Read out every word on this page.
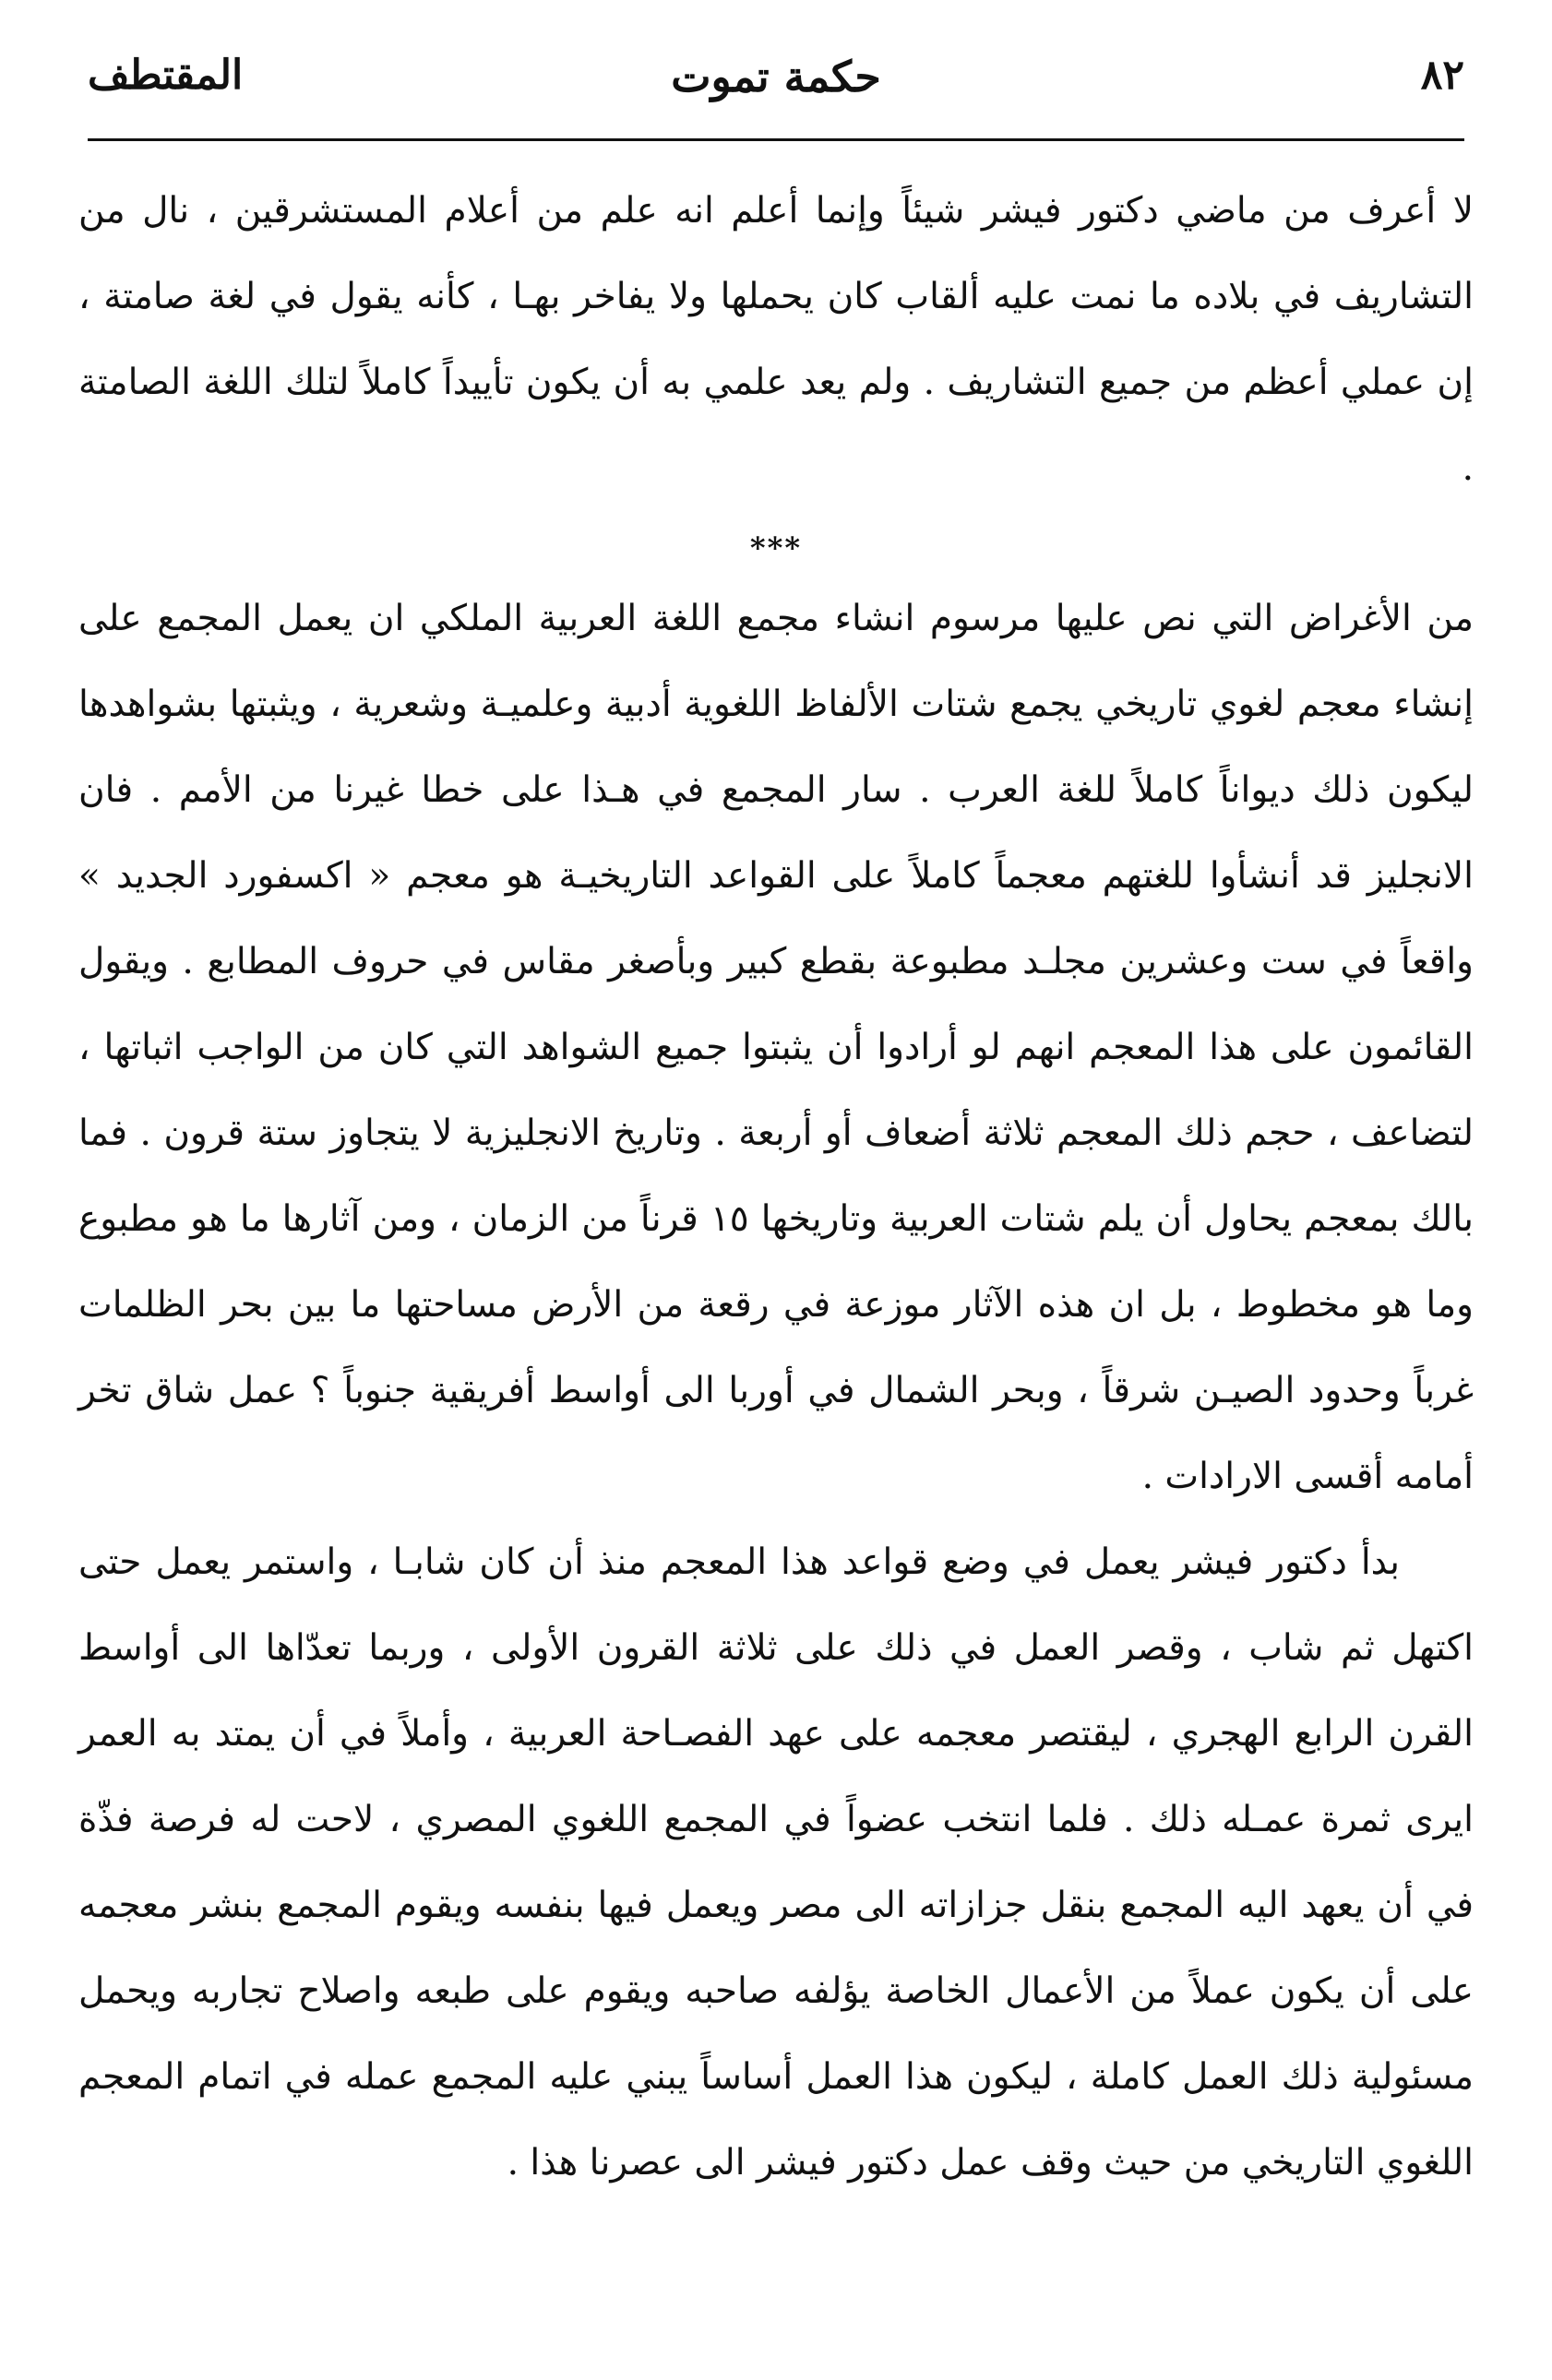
٨٢
حكمة تموت
المقتطف

لا أعرف من ماضي دكتور فيشر شيئاً وإنما أعلم انه علم من أعلام المستشرقين ، نال من التشاريف في بلاده ما نمت عليه ألقاب كان يحملها ولا يفاخر بهـا ، كأنه يقول في لغة صامتة ، إن عملي أعظم من جميع التشاريف . ولم يعد علمي به أن يكون تأييداً كاملاً لتلك اللغة الصامتة .

***

من الأغراض التي نص عليها مرسوم انشاء مجمع اللغة العربية الملكي ان يعمل المجمع على إنشاء معجم لغوي تاريخي يجمع شتات الألفاظ اللغوية أدبية وعلميـة وشعرية ، ويثبتها بشواهدها ليكون ذلك ديواناً كاملاً للغة العرب . سار المجمع في هـذا على خطا غيرنا من الأمم . فان الانجليز قد أنشأوا للغتهم معجماً كاملاً على القواعد التاريخيـة هو معجم « اكسفورد الجديد » واقعاً في ست وعشرين مجلـد مطبوعة بقطع كبير وبأصغر مقاس في حروف المطابع . ويقول القائمون على هذا المعجم انهم لو أرادوا أن يثبتوا جميع الشواهد التي كان من الواجب اثباتها ، لتضاعف ، حجم ذلك المعجم ثلاثة أضعاف أو أربعة . وتاريخ الانجليزية لا يتجاوز ستة قرون . فما بالك بمعجم يحاول أن يلم شتات العربية وتاريخها ١٥ قرناً من الزمان ، ومن آثارها ما هو مطبوع وما هو مخطوط ، بل ان هذه الآثار موزعة في رقعة من الأرض مساحتها ما بين بحر الظلمات غرباً وحدود الصيـن شرقاً ، وبحر الشمال في أوربا الى أواسط أفريقية جنوباً ؟ عمل شاق تخر أمامه أقسى الارادات .

بدأ دكتور فيشر يعمل في وضع قواعد هذا المعجم منذ أن كان شابـا ، واستمر يعمل حتى اكتهل ثم شاب ، وقصر العمل في ذلك على ثلاثة القرون الأولى ، وربما تعدّاها الى أواسط القرن الرابع الهجري ، ليقتصر معجمه على عهد الفصـاحة العربية ، وأملاً في أن يمتد به العمر ايرى ثمرة عمـله ذلك . فلما انتخب عضواً في المجمع اللغوي المصري ، لاحت له فرصة فذّة في أن يعهد اليه المجمع بنقل جزازاته الى مصر ويعمل فيها بنفسه ويقوم المجمع بنشر معجمه على أن يكون عملاً من الأعمال الخاصة يؤلفه صاحبه ويقوم على طبعه واصلاح تجاربه ويحمل مسئولية ذلك العمل كاملة ، ليكون هذا العمل أساساً يبني عليه المجمع عمله في اتمام المعجم اللغوي التاريخي من حيث وقف عمل دكتور فيشر الى عصرنا هذا .
